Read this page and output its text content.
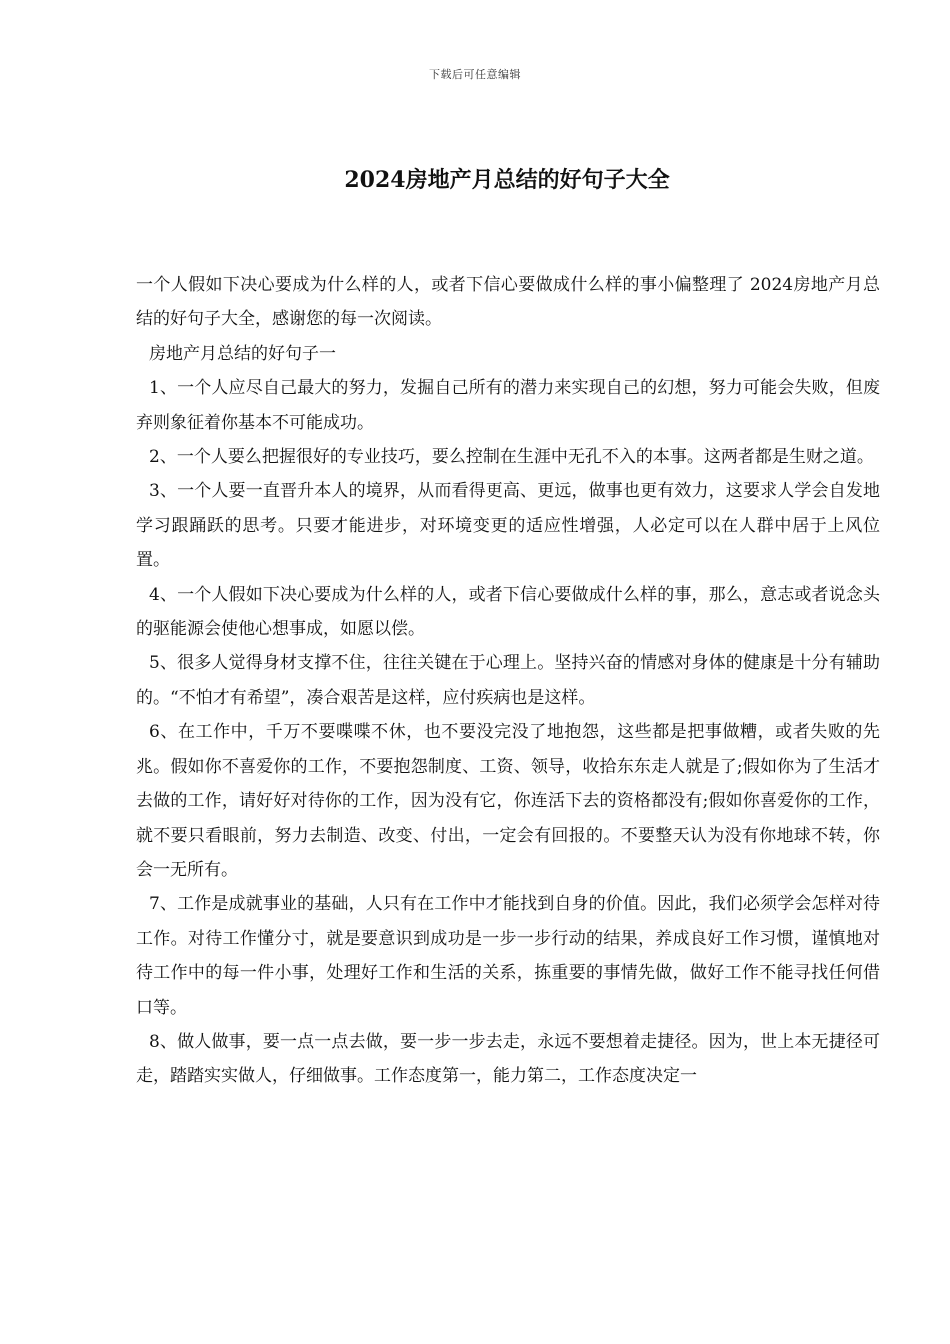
下载后可任意编辑
2024房地产月总结的好句子大全

一个人假如下决心要成为什么样的人，或者下信心要做成什么样的事小偏整理了 2024房地产月总结的好句子大全，感谢您的每一次阅读。

房地产月总结的好句子一

1、一个人应尽自己最大的努力，发掘自己所有的潜力来实现自己的幻想，努力可能会失败，但废弃则象征着你基本不可能成功。

2、一个人要么把握很好的专业技巧，要么控制在生涯中无孔不入的本事。这两者都是生财之道。

3、一个人要一直晋升本人的境界，从而看得更高、更远，做事也更有效力，这要求人学会自发地学习跟踊跃的思考。只要才能进步，对环境变更的适应性增强，人必定可以在人群中居于上风位置。

4、一个人假如下决心要成为什么样的人，或者下信心要做成什么样的事，那么，意志或者说念头的驱能源会使他心想事成，如愿以偿。

5、很多人觉得身材支撑不住，往往关键在于心理上。坚持兴奋的情感对身体的健康是十分有辅助的。“不怕才有希望”，凑合艰苦是这样，应付疾病也是这样。

6、在工作中，千万不要喋喋不休，也不要没完没了地抱怨，这些都是把事做糟，或者失败的先兆。假如你不喜爱你的工作，不要抱怨制度、工资、领导，收拾东东走人就是了;假如你为了生活才去做的工作，请好好对待你的工作，因为没有它，你连活下去的资格都没有;假如你喜爱你的工作，就不要只看眼前，努力去制造、改变、付出，一定会有回报的。不要整天认为没有你地球不转，你会一无所有。

7、工作是成就事业的基础，人只有在工作中才能找到自身的价值。因此，我们必须学会怎样对待工作。对待工作懂分寸，就是要意识到成功是一步一步行动的结果，养成良好工作习惯，谨慎地对待工作中的每一件小事，处理好工作和生活的关系，拣重要的事情先做，做好工作不能寻找任何借口等。

8、做人做事，要一点一点去做，要一步一步去走，永远不要想着走捷径。因为，世上本无捷径可走，踏踏实实做人，仔细做事。工作态度第一，能力第二，工作态度决定一
